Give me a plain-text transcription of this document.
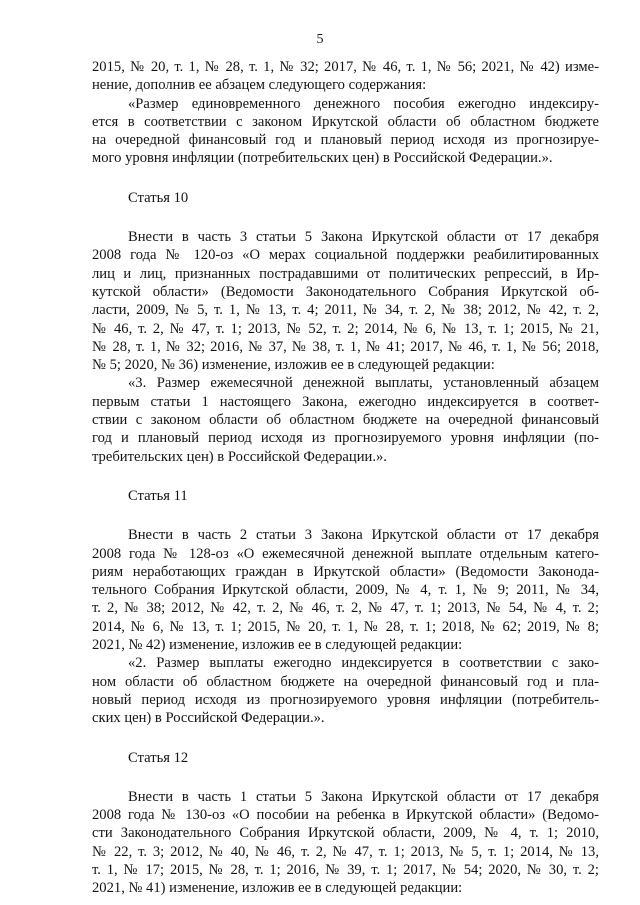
5
2015, № 20, т. 1, № 28, т. 1, № 32; 2017, № 46, т. 1, № 56; 2021, № 42) изме-
нение, дополнив ее абзацем следующего содержания:
«Размер единовременного денежного пособия ежегодно индексиру-
ется в соответствии с законом Иркутской области об областном бюджете
на очередной финансовый год и плановый период исходя из прогнозируе-
мого уровня инфляции (потребительских цен) в Российской Федерации.».

Статья 10

Внести в часть 3 статьи 5 Закона Иркутской области от 17 декабря
2008 года № 120-оз «О мерах социальной поддержки реабилитированных
лиц и лиц, признанных пострадавшими от политических репрессий, в Ир-
кутской области» (Ведомости Законодательного Собрания Иркутской об-
ласти, 2009, № 5, т. 1, № 13, т. 4; 2011, № 34, т. 2, № 38; 2012, № 42, т. 2,
№ 46, т. 2, № 47, т. 1; 2013, № 52, т. 2; 2014, № 6, № 13, т. 1; 2015, № 21,
№ 28, т. 1, № 32; 2016, № 37, № 38, т. 1, № 41; 2017, № 46, т. 1, № 56; 2018,
№ 5; 2020, № 36) изменение, изложив ее в следующей редакции:
«3. Размер ежемесячной денежной выплаты, установленный абзацем
первым статьи 1 настоящего Закона, ежегодно индексируется в соответ-
ствии с законом области об областном бюджете на очередной финансовый
год и плановый период исходя из прогнозируемого уровня инфляции (по-
требительских цен) в Российской Федерации.».

Статья 11

Внести в часть 2 статьи 3 Закона Иркутской области от 17 декабря
2008 года № 128-оз «О ежемесячной денежной выплате отдельным катего-
риям неработающих граждан в Иркутской области» (Ведомости Законода-
тельного Собрания Иркутской области, 2009, № 4, т. 1, № 9; 2011, № 34,
т. 2, № 38; 2012, № 42, т. 2, № 46, т. 2, № 47, т. 1; 2013, № 54, № 4, т. 2;
2014, № 6, № 13, т. 1; 2015, № 20, т. 1, № 28, т. 1; 2018, № 62; 2019, № 8;
2021, № 42) изменение, изложив ее в следующей редакции:
«2. Размер выплаты ежегодно индексируется в соответствии с зако-
ном области об областном бюджете на очередной финансовый год и пла-
новый период исходя из прогнозируемого уровня инфляции (потребитель-
ских цен) в Российской Федерации.».

Статья 12

Внести в часть 1 статьи 5 Закона Иркутской области от 17 декабря
2008 года № 130-оз «О пособии на ребенка в Иркутской области» (Ведомо-
сти Законодательного Собрания Иркутской области, 2009, № 4, т. 1; 2010,
№ 22, т. 3; 2012, № 40, № 46, т. 2, № 47, т. 1; 2013, № 5, т. 1; 2014, № 13,
т. 1, № 17; 2015, № 28, т. 1; 2016, № 39, т. 1; 2017, № 54; 2020, № 30, т. 2;
2021, № 41) изменение, изложив ее в следующей редакции:
